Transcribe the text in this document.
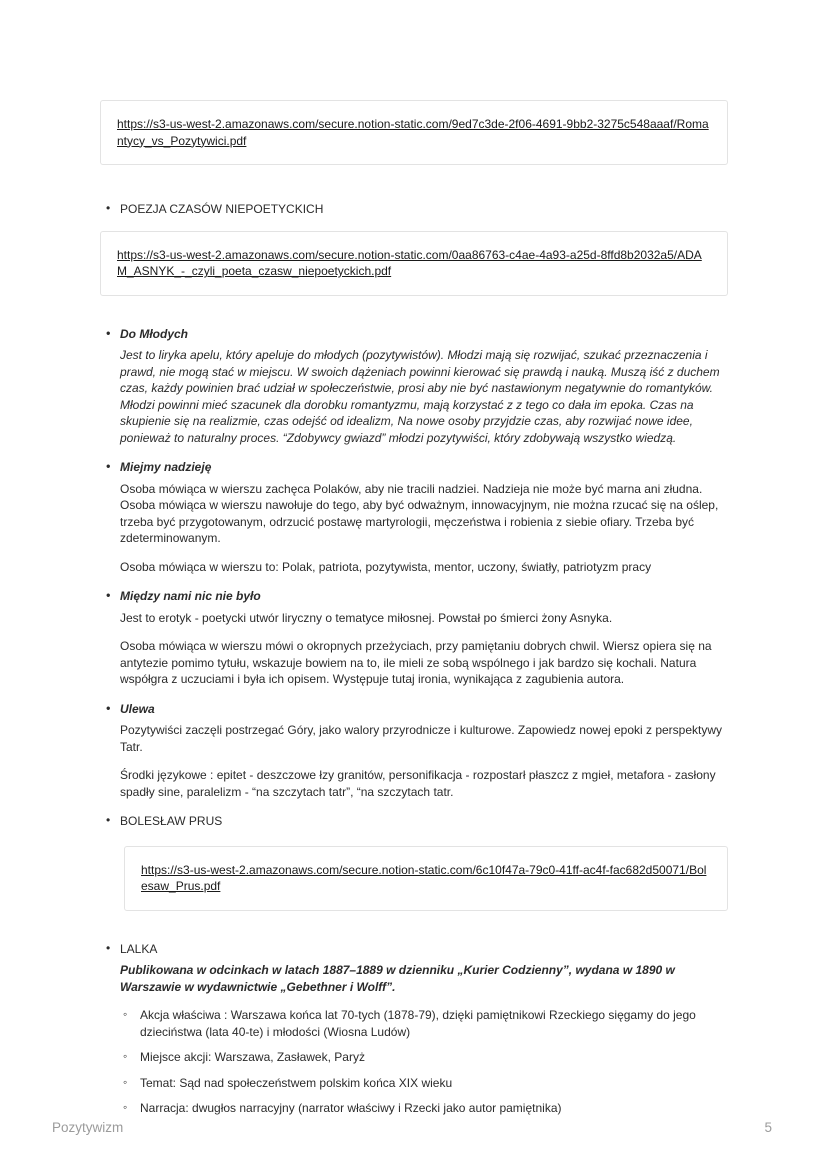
https://s3-us-west-2.amazonaws.com/secure.notion-static.com/9ed7c3de-2f06-4691-9bb2-3275c548aaaf/Romantycy_vs_Pozytywici.pdf
• POEZJA CZASÓW NIEPOETYCKICH
https://s3-us-west-2.amazonaws.com/secure.notion-static.com/0aa86763-c4ae-4a93-a25d-8ffd8b2032a5/ADAM_ASNYK_-_czyli_poeta_czasw_niepoetyckich.pdf
• Do Młodych

Jest to liryka apelu, który apeluje do młodych (pozytywistów). Młodzi mają się rozwijać, szukać przeznaczenia i prawd, nie mogą stać w miejscu. W swoich dążeniach powinni kierować się prawdą i nauką. Muszą iść z duchem czas, każdy powinien brać udział w społeczeństwie, prosi aby nie być nastawionym negatywnie do romantyków. Młodzi powinni mieć szacunek dla dorobku romantyzmu, mają korzystać z z tego co dała im epoka. Czas na skupienie się na realizmie, czas odejść od idealizm, Na nowe osoby przyjdzie czas, aby rozwijać nowe idee, ponieważ to naturalny proces. “Zdobywcy gwiazd” młodzi pozytywiści, który zdobywają wszystko wiedzą.

• Miejmy nadzieję

Osoba mówiąca w wierszu zachęca Polaków, aby nie tracili nadziei. Nadzieja nie może być marna ani złudna. Osoba mówiąca w wierszu nawołuje do tego, aby być odważnym, innowacyjnym, nie można rzucać się na oślep, trzeba być przygotowanym, odrzucić postawę martyrologii, męczeństwa i robienia z siebie ofiary. Trzeba być zdeterminowanym.

Osoba mówiąca w wierszu to: Polak, patriota, pozytywista, mentor, uczony, światły, patriotyzm pracy

• Między nami nic nie było

Jest to erotyk - poetycki utwór liryczny o tematyce miłosnej. Powstał po śmierci żony Asnyka.

Osoba mówiąca w wierszu mówi o okropnych przeżyciach, przy pamiętaniu dobrych chwil. Wiersz opiera się na antytezie pomimo tytułu, wskazuje bowiem na to, ile mieli ze sobą wspólnego i jak bardzo się kochali. Natura współgra z uczuciami i była ich opisem. Występuje tutaj ironia, wynikająca z zagubienia autora.

• Ulewa

Pozytywiści zaczęli postrzegać Góry, jako walory przyrodnicze i kulturowe. Zapowiedz nowej epoki z perspektywy Tatr.

Środki językowe : epitet - deszczowe łzy granitów, personifikacja - rozpostarł płaszcz z mgieł, metafora - zasłony spadły sine, paralelizm - “na szczytach tatr”, “na szczytach tatr.

• BOLESŁAW PRUS
https://s3-us-west-2.amazonaws.com/secure.notion-static.com/6c10f47a-79c0-41ff-ac4f-fac682d50071/Bolesaw_Prus.pdf
• LALKA

Publikowana w odcinkach w latach 1887–1889 w dzienniku „Kurier Codzienny”, wydana w 1890 w Warszawie w wydawnictwie „Gebethner i Wolff”.

◦ Akcja właściwa : Warszawa końca lat 70-tych (1878-79), dzięki pamiętnikowi Rzeckiego sięgamy do jego dzieciństwa (lata 40-te) i młodości (Wiosna Ludów)
◦ Miejsce akcji: Warszawa, Zasławek, Paryż
◦ Temat: Sąd nad społeczeństwem polskim końca XIX wieku
◦ Narracja: dwugłos narracyjny (narrator właściwy i Rzecki jako autor pamiętnika)
Pozytywizm	5
